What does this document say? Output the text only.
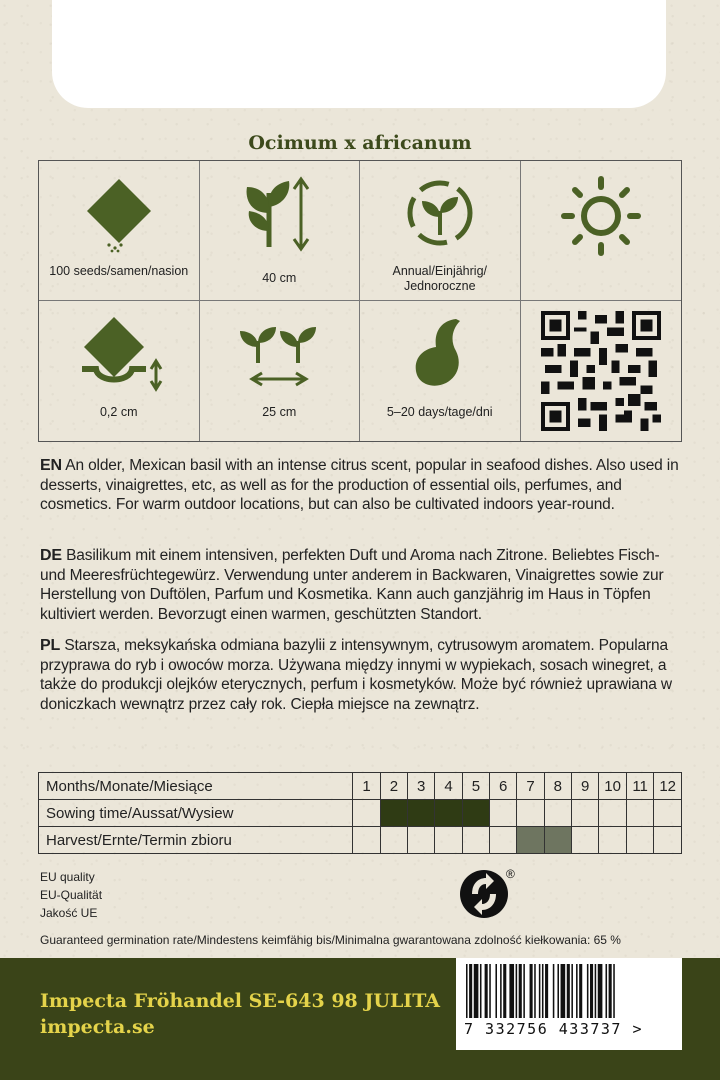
Ocimum x africanum
100 seeds/samen/nasion	40 cm	Annual/Einjährig/ Jednoroczne
0,2 cm	25 cm	5–20 days/tage/dni
EN An older, Mexican basil with an intense citrus scent, popular in seafood dishes. Also used in desserts, vinaigrettes, etc, as well as for the production of essential oils, perfumes, and cosmetics. For warm outdoor locations, but can also be cultivated indoors year-round.
DE Basilikum mit einem intensiven, perfekten Duft und Aroma nach Zitrone. Beliebtes Fisch- und Meeresfrüchtegewürz. Verwendung unter anderem in Backwaren, Vinaigrettes sowie zur Herstellung von Duftölen, Parfum und Kosmetika. Kann auch ganzjährig im Haus in Töpfen kultiviert werden. Bevorzugt einen warmen, geschützten Standort.
PL Starsza, meksykańska odmiana bazylii z intensywnym, cytrusowym aromatem. Popularna przyprawa do ryb i owoców morza. Używana między innymi w wypiekach, sosach winegret, a także do produkcji olejków eterycznych, perfum i kosmetyków. Może być również uprawiana w doniczkach wewnątrz przez cały rok. Ciepła miejsce na zewnątrz.
Months/Monate/Miesiące	1	2	3	4	5	6	7	8	9	10	11	12
Sowing time/Aussat/Wysiew												
Harvest/Ernte/Termin zbioru												
EU quality
EU-Qualität
Jakość UE
®
Guaranteed germination rate/Mindestens keimfähig bis/Minimalna gwarantowana zdolność kiełkowania: 65 %
Impecta Fröhandel SE-643 98 JULITA
impecta.se	7 332756 433737 >
